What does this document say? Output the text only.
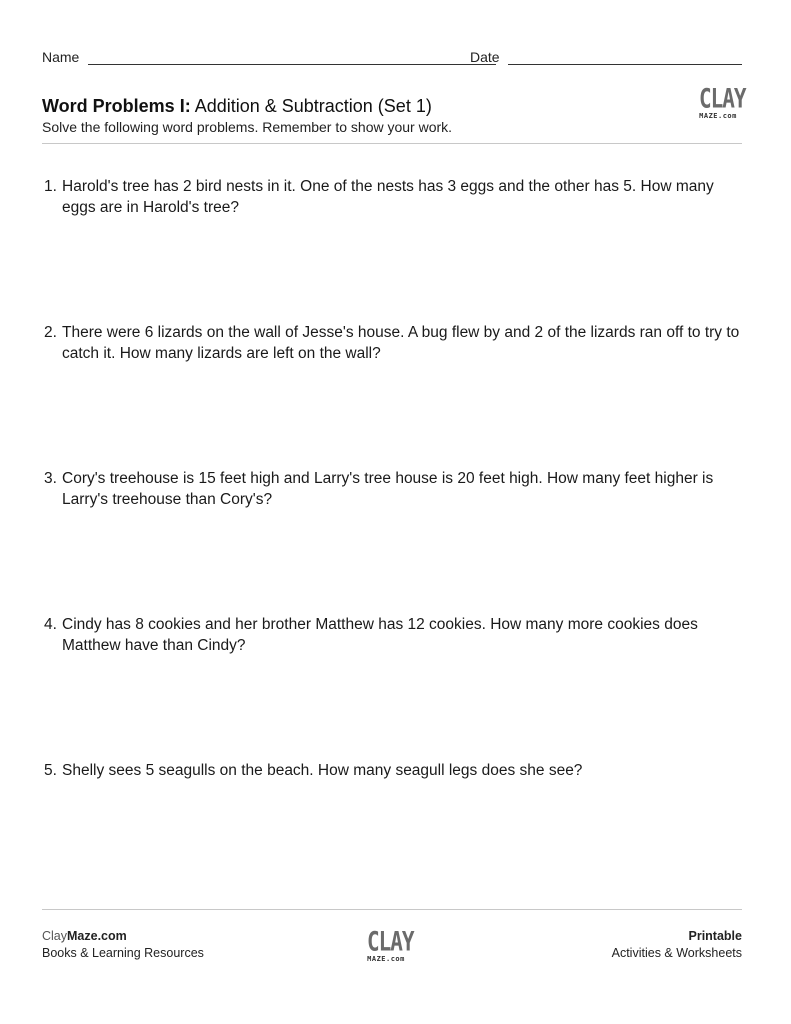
Name	Date
Word Problems I: Addition & Subtraction (Set 1)
Solve the following word problems. Remember to show your work.
CLAY
MAZE.com
1. Harold's tree has 2 bird nests in it. One of the nests has 3 eggs and the other has 5. How many eggs are in Harold's tree?
2. There were 6 lizards on the wall of Jesse's house. A bug flew by and 2 of the lizards ran off to try to catch it. How many lizards are left on the wall?
3. Cory's treehouse is 15 feet high and Larry's tree house is 20 feet high. How many feet higher is Larry's treehouse than Cory's?
4. Cindy has 8 cookies and her brother Matthew has 12 cookies. How many more cookies does Matthew have than Cindy?
5. Shelly sees 5 seagulls on the beach. How many seagull legs does she see?
ClayMaze.com
Books & Learning Resources	CLAY
MAZE.com
Printable
Activities & Worksheets
